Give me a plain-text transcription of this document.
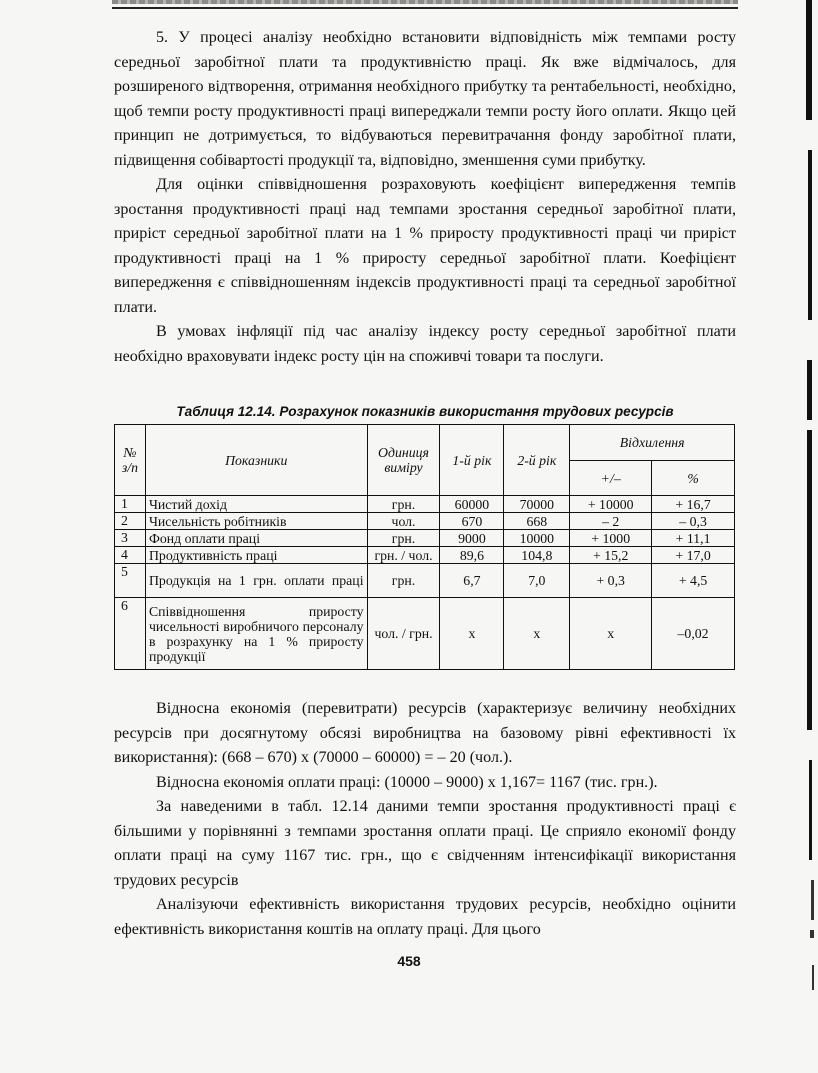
5. У процесі аналізу необхідно встановити відповідність між темпами росту середньої заробітної плати та продуктивністю праці. Як вже відмічалось, для розширеного відтворення, отримання необхідного прибутку та рентабельності, необхідно, щоб темпи росту продуктивності праці випереджали темпи росту його оплати. Якщо цей принцип не дотримується, то відбуваються перевитрачання фонду заробітної плати, підвищення собівартості продукції та, відповідно, зменшення суми прибутку.

Для оцінки співвідношення розраховують коефіцієнт випередження темпів зростання продуктивності праці над темпами зростання середньої заробітної плати, приріст середньої заробітної плати на 1 % приросту продуктивності праці чи приріст продуктивності праці на 1 % приросту середньої заробітної плати. Коефіцієнт випередження є співвідношенням індексів продуктивності праці та середньої заробітної плати.

В умовах інфляції під час аналізу індексу росту середньої заробітної плати необхідно враховувати індекс росту цін на споживчі товари та послуги.

Таблиця 12.14. Розрахунок показників використання трудових ресурсів
№ з/п	Показники	Одиниця виміру	1-й рік	2-й рік	Відхилення	
					+/–	%
1	Чистий дохід	грн.	60000	70000	+ 10000	+ 16,7
2	Чисельність робітників	чол.	670	668	– 2	– 0,3
3	Фонд оплати праці	грн.	9000	10000	+ 1000	+ 11,1
4	Продуктивність праці	грн. / чол.	89,6	104,8	+ 15,2	+ 17,0
5	Продукція на 1 грн. оплати праці	грн.	6,7	7,0	+ 0,3	+ 4,5
6	Співвідношення приросту чисельності виробничого персоналу в розрахунку на 1 % приросту продукції	чол. / грн.	х	х	х	–0,02

Відносна економія (перевитрати) ресурсів (характеризує величину необхідних ресурсів при досягнутому обсязі виробництва на базовому рівні ефективності їх використання): (668 – 670) х (70000 – 60000) = – 20 (чол.).

Відносна економія оплати праці: (10000 – 9000) х 1,167= 1167 (тис. грн.).

За наведеними в табл. 12.14 даними темпи зростання продуктивності праці є більшими у порівнянні з темпами зростання оплати праці. Це сприяло економії фонду оплати праці на суму 1167 тис. грн., що є свідченням інтенсифікації використання трудових ресурсів

Аналізуючи ефективність використання трудових ресурсів, необхідно оцінити ефективність використання коштів на оплату праці. Для цього

458
